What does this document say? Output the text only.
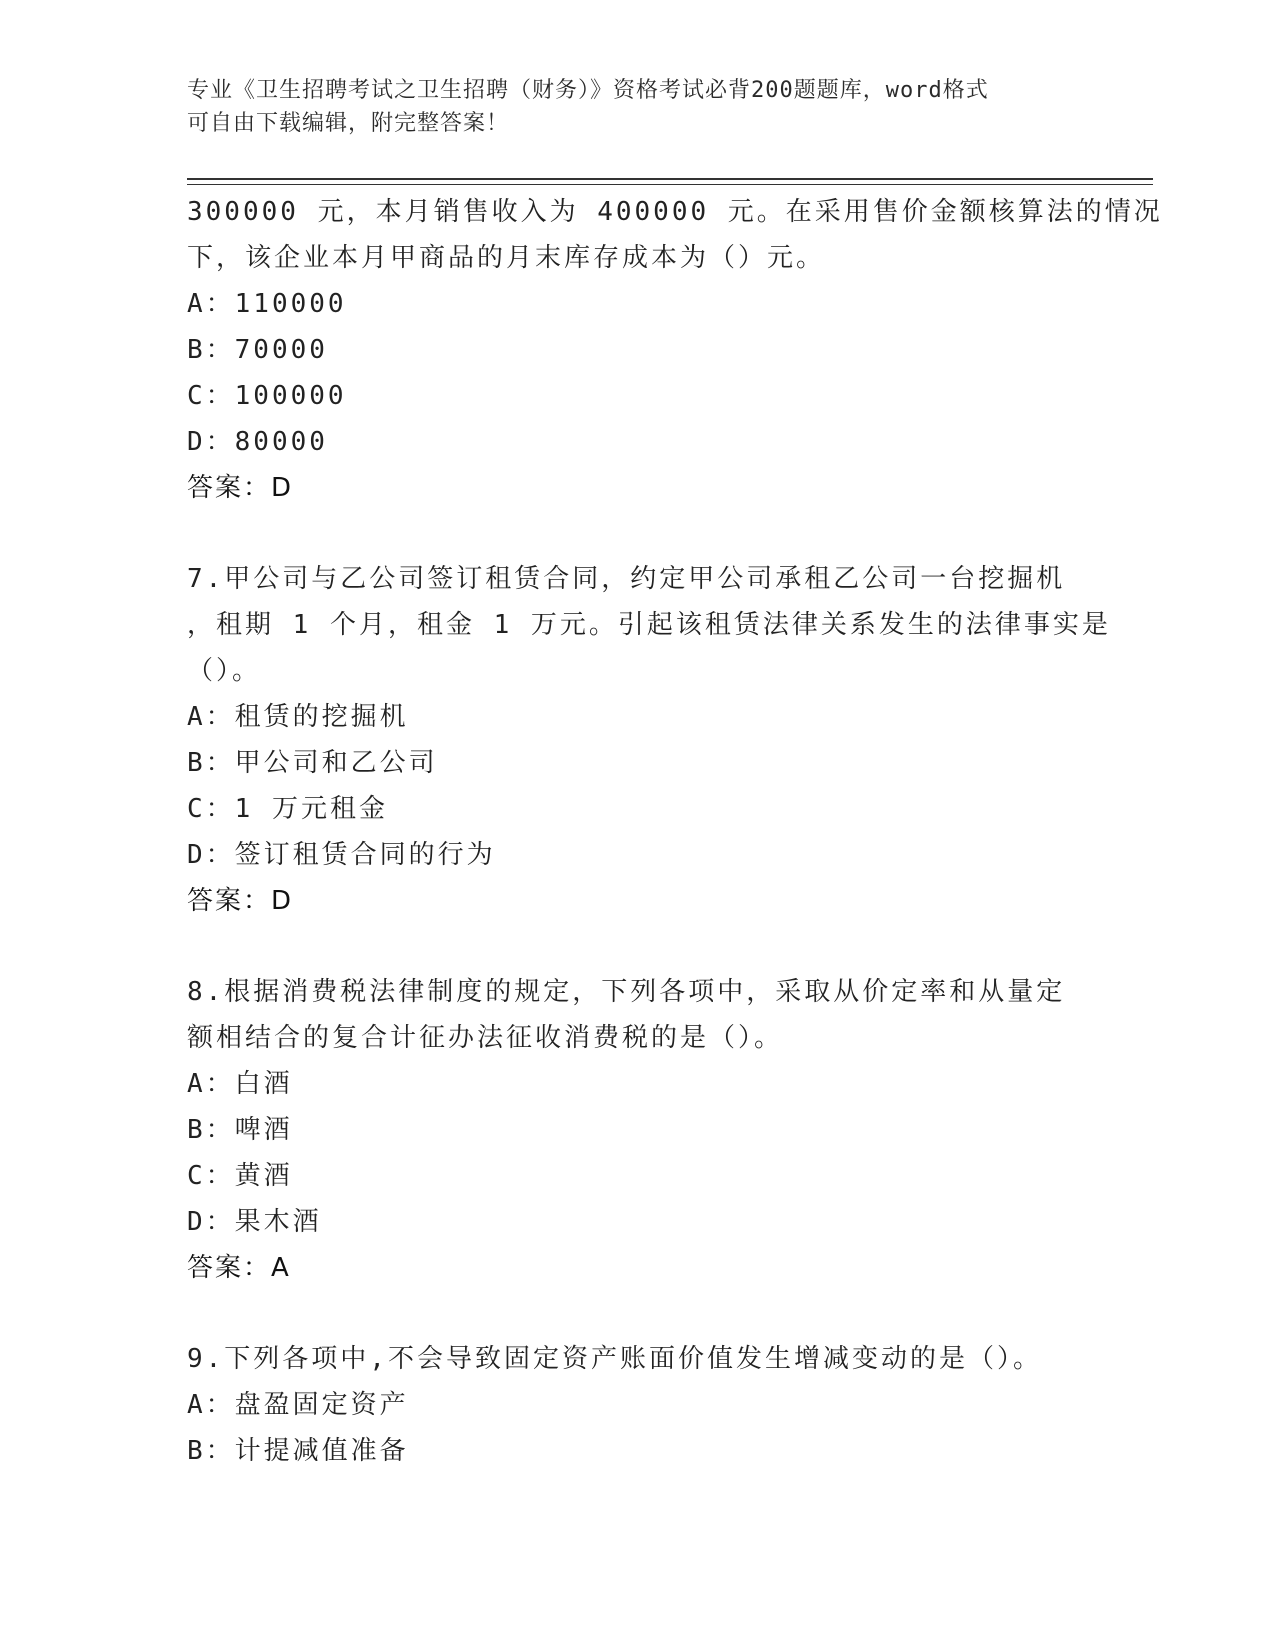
专业《卫生招聘考试之卫生招聘（财务）》资格考试必背200题题库，word格式
可自由下载编辑，附完整答案！
300000 元，本月销售收入为 400000 元。在采用售价金额核算法的情况
下，该企业本月甲商品的月末库存成本为（）元。
A：110000
B：70000
C：100000
D：80000
答案：D
7.甲公司与乙公司签订租赁合同，约定甲公司承租乙公司一台挖掘机
，租期 1 个月，租金 1 万元。引起该租赁法律关系发生的法律事实是
（）。
A：租赁的挖掘机
B：甲公司和乙公司
C：1 万元租金
D：签订租赁合同的行为
答案：D
8.根据消费税法律制度的规定，下列各项中，采取从价定率和从量定
额相结合的复合计征办法征收消费税的是（）。
A：白酒
B：啤酒
C：黄酒
D：果木酒
答案：A
9.下列各项中,不会导致固定资产账面价值发生增减变动的是（）。
A：盘盈固定资产
B：计提减值准备
